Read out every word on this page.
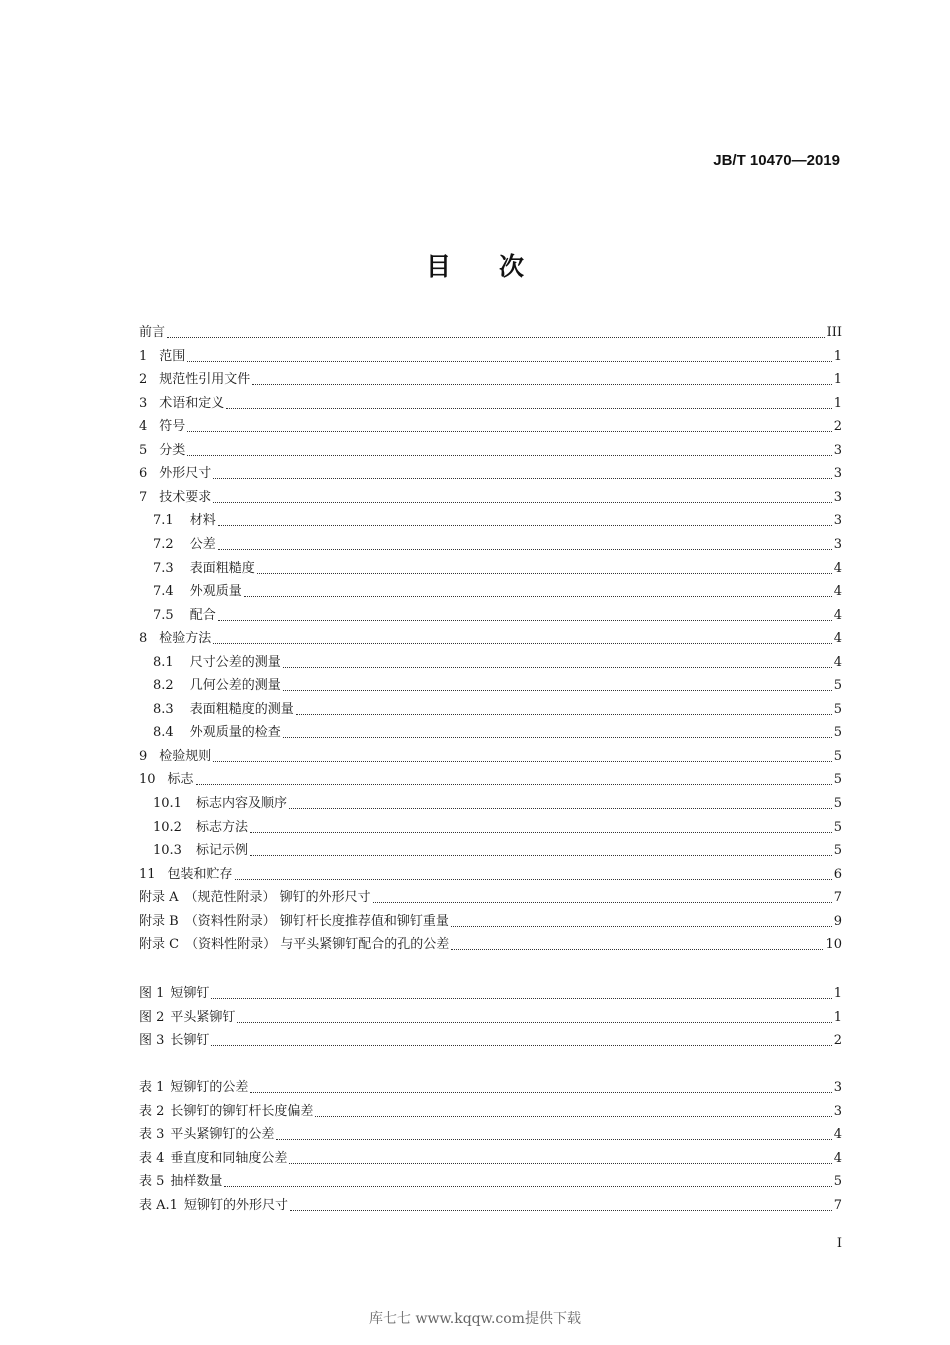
JB/T 10470—2019
目次
前言	III
1 范围	1
2 规范性引用文件	1
3 术语和定义	1
4 符号	2
5 分类	3
6 外形尺寸	3
7 技术要求	3
7.1 材料	3
7.2 公差	3
7.3 表面粗糙度	4
7.4 外观质量	4
7.5 配合	4
8 检验方法	4
8.1 尺寸公差的测量	4
8.2 几何公差的测量	5
8.3 表面粗糙度的测量	5
8.4 外观质量的检查	5
9 检验规则	5
10 标志	5
10.1 标志内容及顺序	5
10.2 标志方法	5
10.3 标记示例	5
11 包装和贮存	6
附录 A （规范性附录） 铆钉的外形尺寸	7
附录 B （资料性附录） 铆钉杆长度推荐值和铆钉重量	9
附录 C （资料性附录） 与平头紧铆钉配合的孔的公差	10
图 1 短铆钉	1
图 2 平头紧铆钉	1
图 3 长铆钉	2
表 1 短铆钉的公差	3
表 2 长铆钉的铆钉杆长度偏差	3
表 3 平头紧铆钉的公差	4
表 4 垂直度和同轴度公差	4
表 5 抽样数量	5
表 A.1 短铆钉的外形尺寸	7
I
库七七 www.kqqw.com提供下载
